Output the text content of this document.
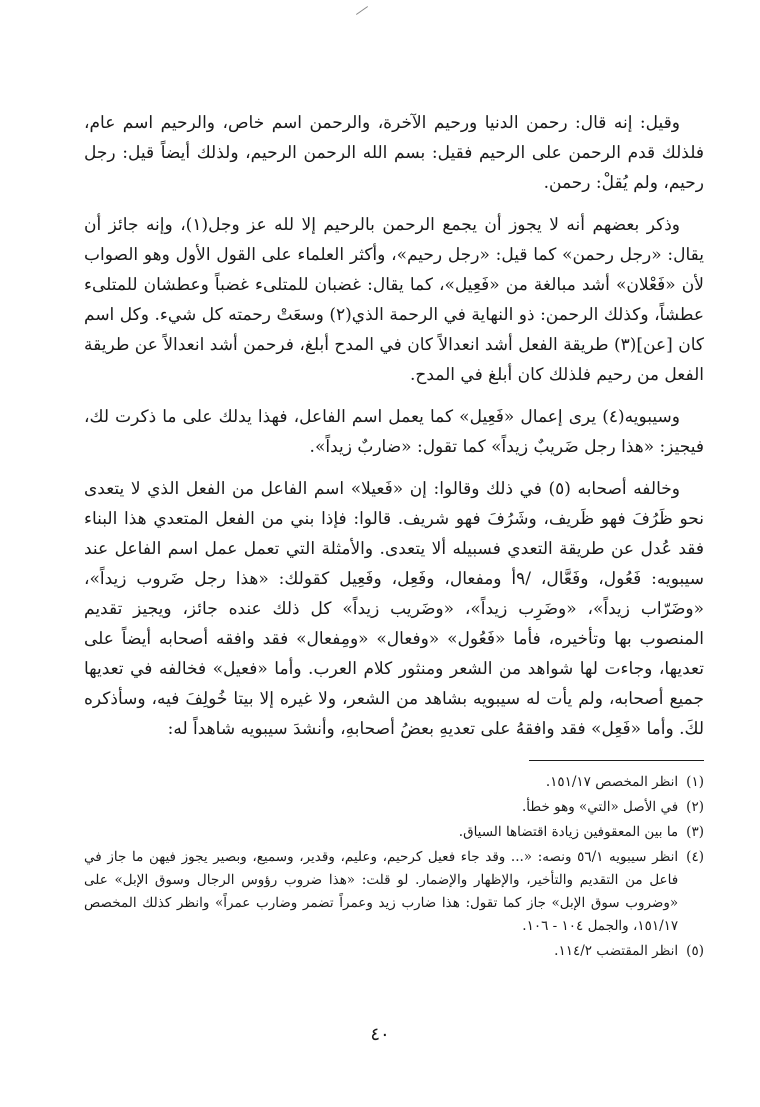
وقيل: إنه قال: رحمن الدنيا ورحيم الآخرة، والرحمن اسم خاص، والرحيم اسم عام، فلذلك قدم الرحمن على الرحيم فقيل: بسم الله الرحمن الرحيم، ولذلك أيضاً قيل: رجل رحيم، ولم يُقلْ: رحمن.

وذكر بعضهم أنه لا يجوز أن يجمع الرحمن بالرحيم إلا لله عز وجل(١)، وإنه جائز أن يقال: «رجل رحمن» كما قيل: «رجل رحيم»، وأكثر العلماء على القول الأول وهو الصواب لأن «فَعْلان» أشد مبالغة من «فَعِيل»، كما يقال: غضبان للمتلىء غضباً وعطشان للمتلىء عطشاً، وكذلك الرحمن: ذو النهاية في الرحمة الذي(٢) وسعَتْ رحمته كل شيء. وكل اسم كان [عن](٣) طريقة الفعل أشد انعدالاً كان في المدح أبلغ، فرحمن أشد انعدالاً عن طريقة الفعل من رحيم فلذلك كان أبلغ في المدح.

وسيبويه(٤) يرى إعمال «فَعِيل» كما يعمل اسم الفاعل، فهذا يدلك على ما ذكرت لك، فيجيز: «هذا رجل ضَريبٌ زيداً» كما تقول: «ضاربٌ زيداً».

وخالفه أصحابه (٥) في ذلك وقالوا: إن «فَعيلا» اسم الفاعل من الفعل الذي لا يتعدى نحو ظَرُفَ فهو ظَريف، وشَرُفَ فهو شريف. قالوا: فإذا بني من الفعل المتعدي هذا البناء فقد عُدل عن طريقة التعدي فسبيله ألا يتعدى. والأمثلة التي تعمل عمل اسم الفاعل عند سيبويه: فَعُول، وفَعَّال، /٩أ ومفعال، وفَعِل، وفَعِيل كقولك: «هذا رجل ضَروب زيداً»، «وضَرّاب زيداً»، «وضَرِب زيداً»، «وضَريب زيداً» كل ذلك عنده جائز، ويجيز تقديم المنصوب بها وتأخيره، فأما «فَعُول» «وفعال» «ومِفعال» فقد وافقه أصحابه أيضاً على تعديها، وجاءت لها شواهد من الشعر ومنثور كلام العرب. وأما «فعيل» فخالفه في تعديها جميع أصحابه، ولم يأت له سيبويه بشاهد من الشعر، ولا غيره إلا بيتا خُولِفَ فيه، وسأذكره لكَ. وأما «فَعِل» فقد وافقهُ على تعديهِ بعضُ أصحابهِ، وأنشدَ سيبويه شاهداً له:

(١)
انظر المخصص ١٥١/١٧.
(٢)
في الأصل «التي» وهو خطأ.
(٣)
ما بين المعقوفين زيادة اقتضاها السياق.
(٤)
انظر سيبويه ٥٦/١ ونصه: «... وقد جاء فعيل كرحيم، وعليم، وقدير، وسميع، وبصير يجوز فيهن ما جاز في فاعل من التقديم والتأخير، والإظهار والإضمار. لو قلت: «هذا ضروب رؤوس الرجال وسوق الإبل» على «وضروب سوق الإبل» جاز كما تقول: هذا ضارب زيد وعمراً تضمر وضارب عمراً» وانظر كذلك المخصص ١٥١/١٧، والجمل ١٠٤ - ١٠٦.
(٥)
انظر المقتضب ١١٤/٢.
٤٠
